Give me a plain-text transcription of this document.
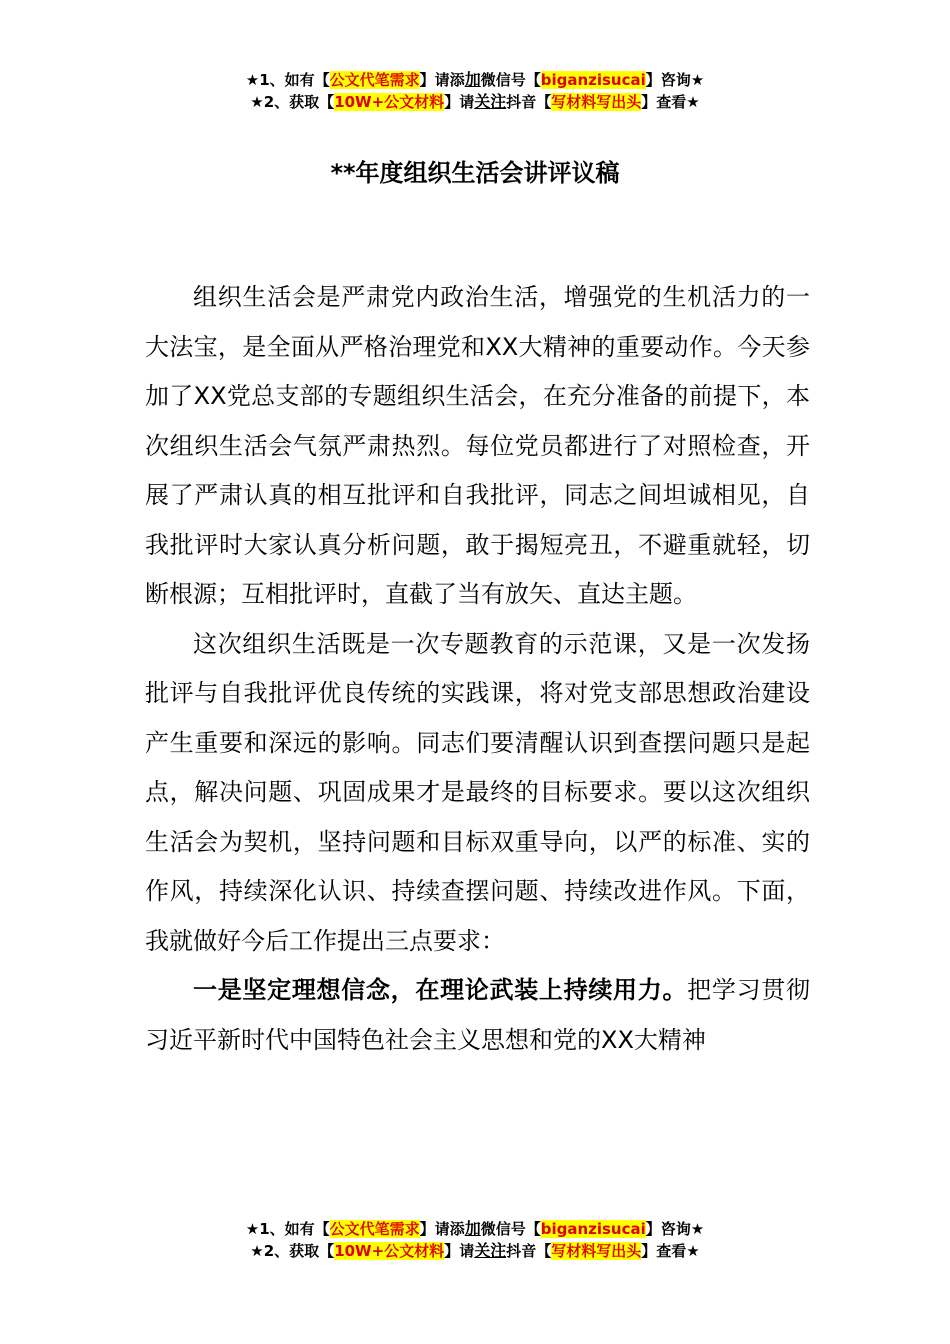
★1、如有【公文代笔需求】请添加微信号【biganzisucai】咨询★
★2、获取【10W+公文材料】请关注抖音【写材料写出头】查看★
**年度组织生活会讲评议稿

组织生活会是严肃党内政治生活，增强党的生机活力的一大法宝，是全面从严格治理党和XX大精神的重要动作。今天参加了XX党总支部的专题组织生活会，在充分准备的前提下，本次组织生活会气氛严肃热烈。每位党员都进行了对照检查，开展了严肃认真的相互批评和自我批评，同志之间坦诚相见，自我批评时大家认真分析问题，敢于揭短亮丑，不避重就轻，切断根源；互相批评时，直截了当有放矢、直达主题。

这次组织生活既是一次专题教育的示范课，又是一次发扬批评与自我批评优良传统的实践课，将对党支部思想政治建设产生重要和深远的影响。同志们要清醒认识到查摆问题只是起点，解决问题、巩固成果才是最终的目标要求。要以这次组织生活会为契机，坚持问题和目标双重导向，以严的标准、实的作风，持续深化认识、持续查摆问题、持续改进作风。下面，我就做好今后工作提出三点要求：

一是坚定理想信念，在理论武装上持续用力。把学习贯彻习近平新时代中国特色社会主义思想和党的XX大精神

★1、如有【公文代笔需求】请添加微信号【biganzisucai】咨询★
★2、获取【10W+公文材料】请关注抖音【写材料写出头】查看★
